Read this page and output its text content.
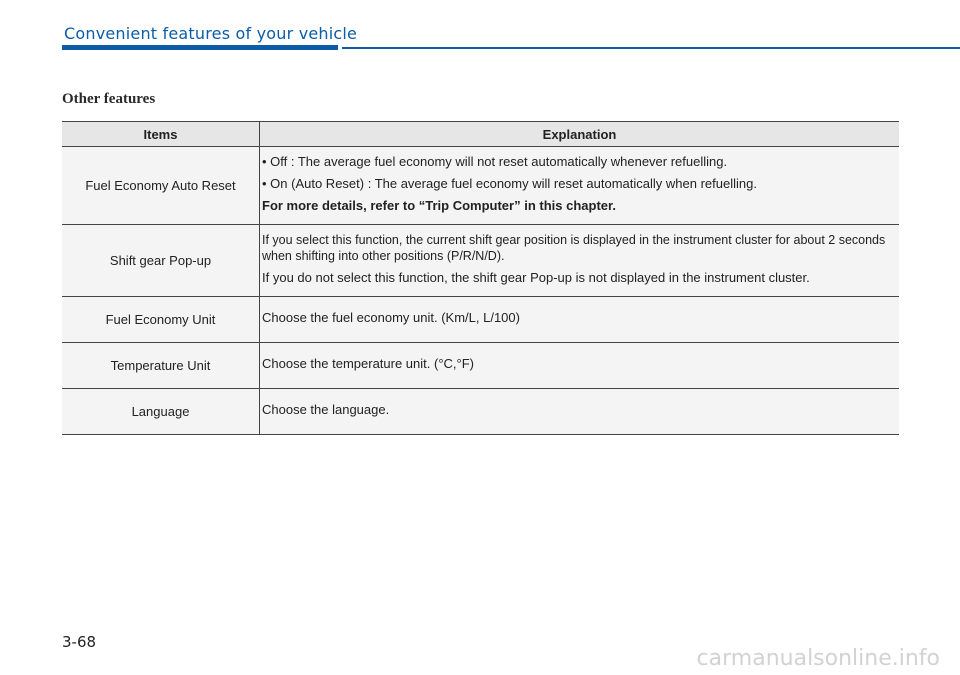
Convenient features of your vehicle
Other features
Items	Explanation
Fuel Economy Auto Reset	• Off : The average fuel economy will not reset automatically whenever refuelling.
• On (Auto Reset) : The average fuel economy will reset automatically when refuelling.
For more details, refer to “Trip Computer” in this chapter.

Shift gear Pop-up	If you select this function, the current shift gear position is displayed in the instrument cluster for about 2 seconds when shifting into other positions (P/R/N/D).
If you do not select this function, the shift gear Pop-up is not displayed in the instrument cluster.

Fuel Economy Unit	Choose the fuel economy unit. (Km/L, L/100)

Temperature Unit	Choose the temperature unit. (°C,°F)

Language	Choose the language.
3-68
carmanualsonline.info
